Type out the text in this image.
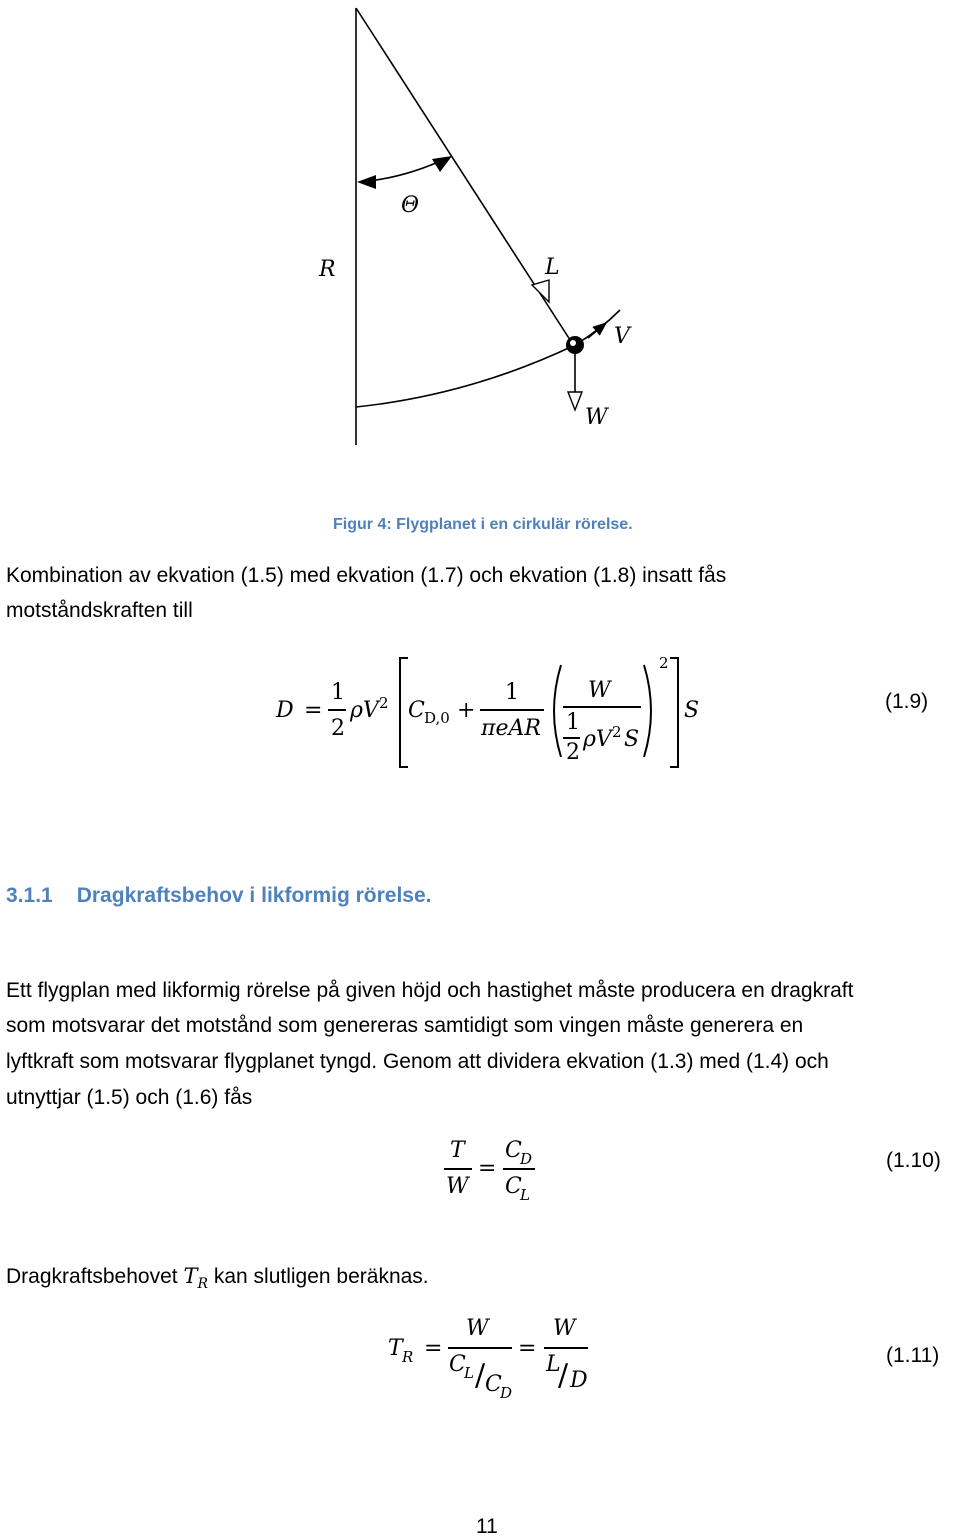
Θ
R	L
V
W
Figur 4: Flygplanet i en cirkulär rörelse.
Kombination av ekvation (1.5) med ekvation (1.7) och ekvation (1.8) insatt fås
motståndskraften till
D =
1
2
ρV 2 C D,0 +
1
πeAR
W
1
2
ρV 2 S
2
S	(1.9)
3.1.1 Dragkraftsbehov i likformig rörelse.
Ett flygplan med likformig rörelse på given höjd och hastighet måste producera en dragkraft
som motsvarar det motstånd som genereras samtidigt som vingen måste generera en
lyftkraft som motsvarar flygplanet tyngd. Genom att dividera ekvation (1.3) med (1.4) och
utnyttjar (1.5) och (1.6) fås
T
W
=
C
D
C
L
(1.10)
Dragkraftsbehovet $T_R$ kan slutligen beräknas.
T R =
W
C
L / C
D
=
W
L
/ D
(1.11)
11
